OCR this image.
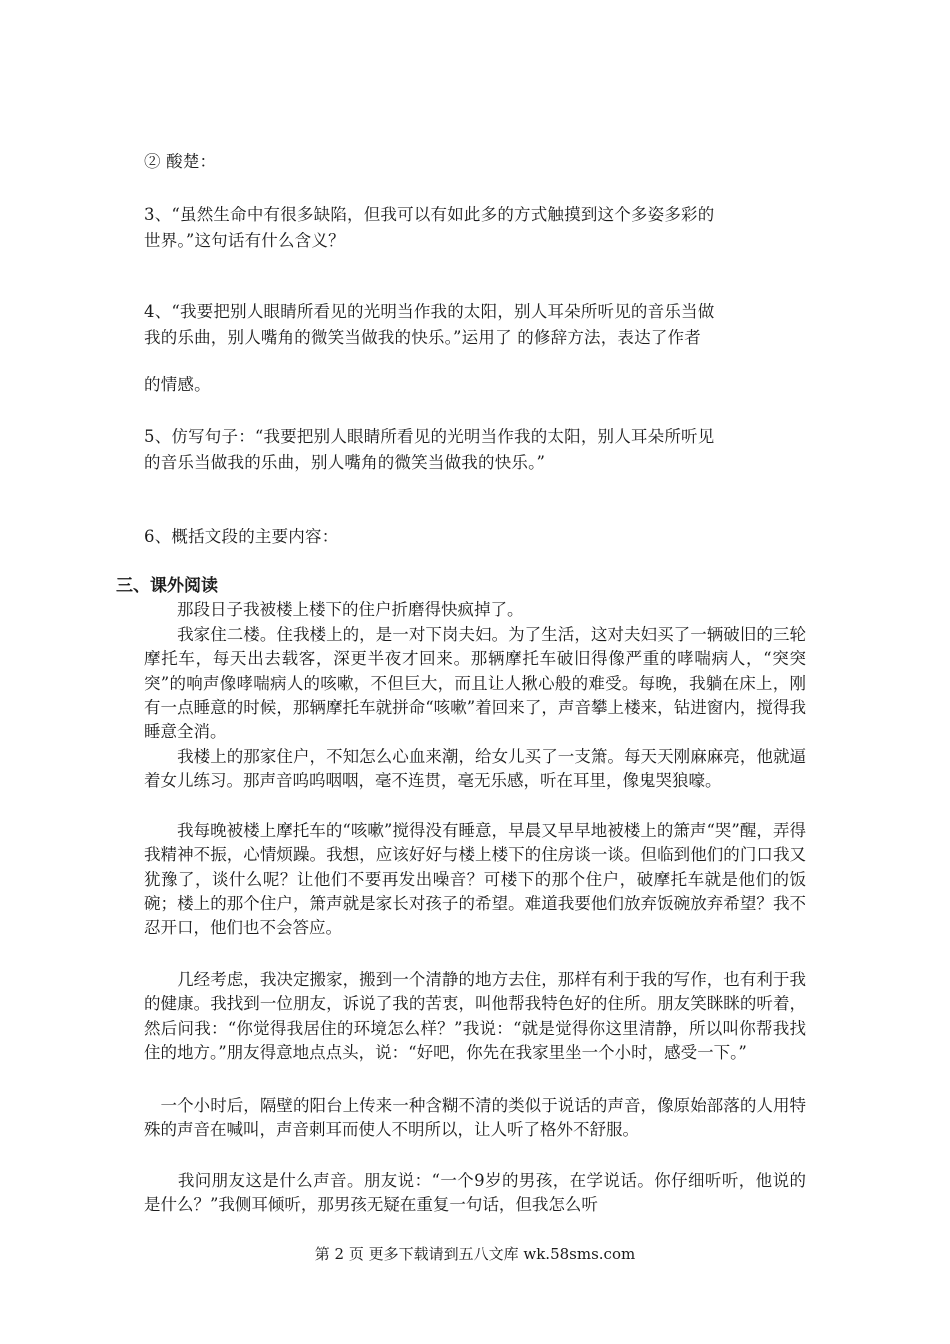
② 酸楚：
3、“虽然生命中有很多缺陷，但我可以有如此多的方式触摸到这个多姿多彩的
世界。”这句话有什么含义？
4、“我要把别人眼睛所看见的光明当作我的太阳，别人耳朵所听见的音乐当做
我的乐曲，别人嘴角的微笑当做我的快乐。”运用了 的修辞方法，表达了作者
的情感。
5、仿写句子：“我要把别人眼睛所看见的光明当作我的太阳，别人耳朵所听见
的音乐当做我的乐曲，别人嘴角的微笑当做我的快乐。”
6、概括文段的主要内容：
三、课外阅读
　　那段日子我被楼上楼下的住户折磨得快疯掉了。
　　我家住二楼。住我楼上的，是一对下岗夫妇。为了生活，这对夫妇买了一辆破旧的三轮摩托车，每天出去载客，深更半夜才回来。那辆摩托车破旧得像严重的哮喘病人，“突突突”的响声像哮喘病人的咳嗽，不但巨大，而且让人揪心般的难受。每晚，我躺在床上，刚有一点睡意的时候，那辆摩托车就拼命“咳嗽”着回来了，声音攀上楼来，钻进窗内，搅得我睡意全消。
　　我楼上的那家住户，不知怎么心血来潮，给女儿买了一支箫。每天天刚麻麻亮，他就逼着女儿练习。那声音呜呜咽咽，毫不连贯，毫无乐感，听在耳里，像鬼哭狼嚎。
　　我每晚被楼上摩托车的“咳嗽”搅得没有睡意，早晨又早早地被楼上的箫声“哭”醒，弄得我精神不振，心情烦躁。我想，应该好好与楼上楼下的住房谈一谈。但临到他们的门口我又犹豫了，谈什么呢？让他们不要再发出噪音？可楼下的那个住户，破摩托车就是他们的饭碗；楼上的那个住户，箫声就是家长对孩子的希望。难道我要他们放弃饭碗放弃希望？我不忍开口，他们也不会答应。
　　几经考虑，我决定搬家，搬到一个清静的地方去住，那样有利于我的写作，也有利于我的健康。我找到一位朋友，诉说了我的苦衷，叫他帮我特色好的住所。朋友笑眯眯的听着，然后问我：“你觉得我居住的环境怎么样？”我说：“就是觉得你这里清静，所以叫你帮我找住的地方。”朋友得意地点点头，说：“好吧，你先在我家里坐一个小时，感受一下。”
　一个小时后，隔壁的阳台上传来一种含糊不清的类似于说话的声音，像原始部落的人用特殊的声音在喊叫，声音刺耳而使人不明所以，让人听了格外不舒服。
　　我问朋友这是什么声音。朋友说：“一个9岁的男孩，在学说话。你仔细听听，他说的是什么？”我侧耳倾听，那男孩无疑在重复一句话，但我怎么听
第 2 页 更多下载请到五八文库 wk.58sms.com
